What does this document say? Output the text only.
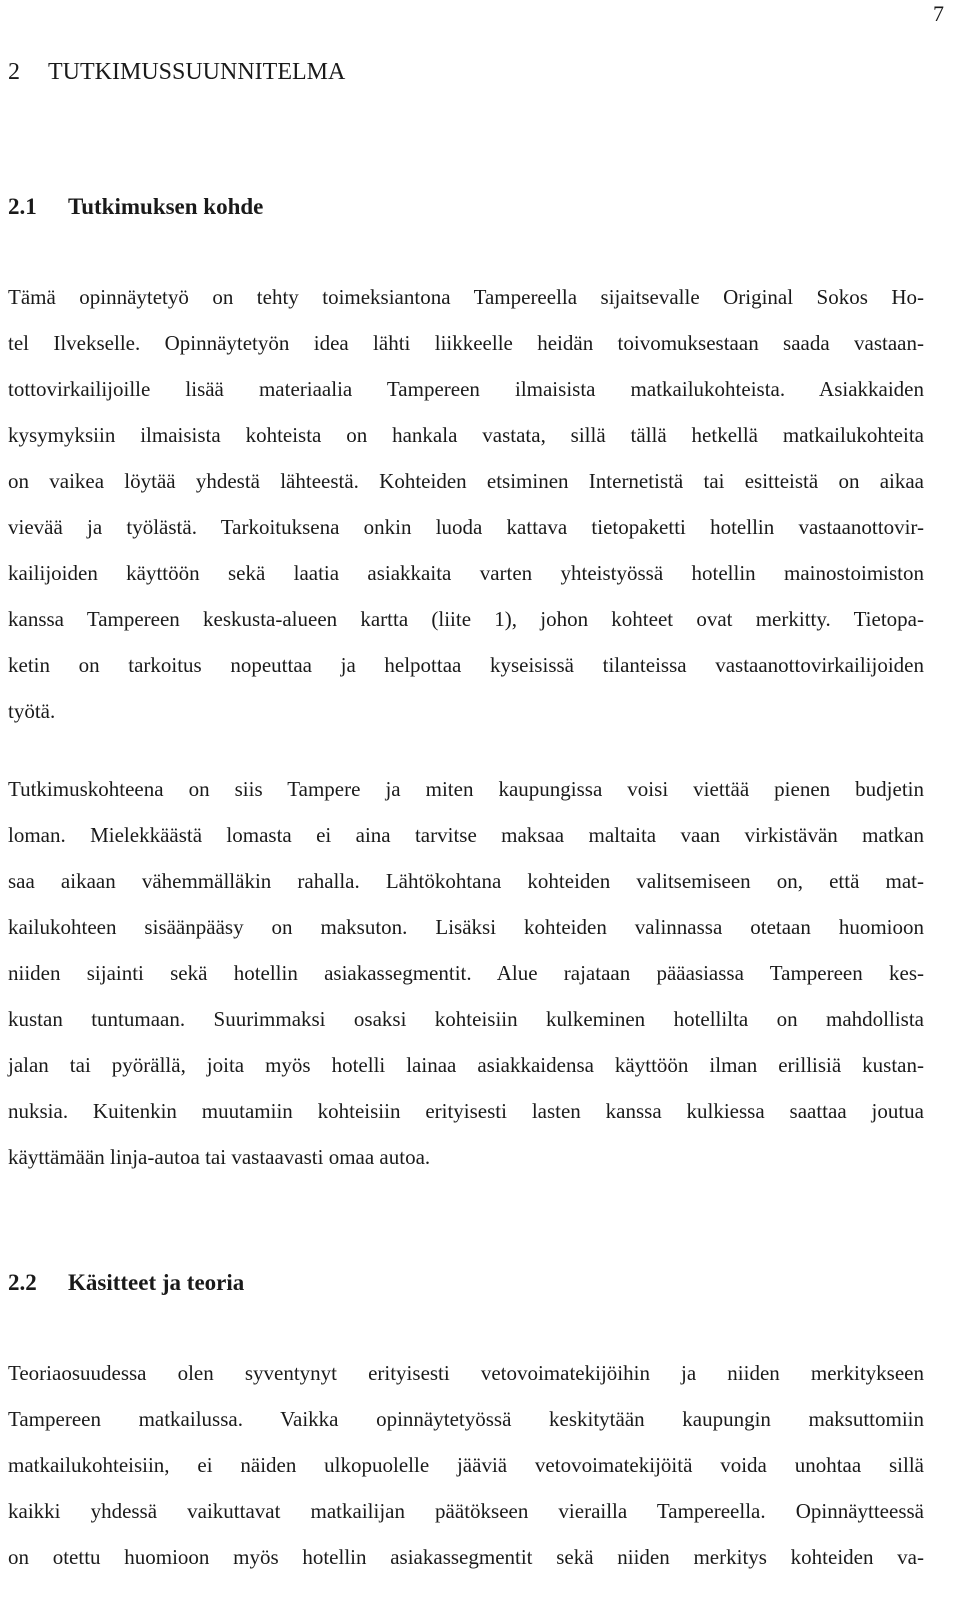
7
2 TUTKIMUSSUUNNITELMA
2.1 Tutkimuksen kohde
Tämä opinnäytetyö on tehty toimeksiantona Tampereella sijaitsevalle Original Sokos Ho-
tel Ilvekselle. Opinnäytetyön idea lähti liikkeelle heidän toivomuksestaan saada vastaan-
tottovirkailijoille lisää materiaalia Tampereen ilmaisista matkailukohteista. Asiakkaiden
kysymyksiin ilmaisista kohteista on hankala vastata, sillä tällä hetkellä matkailukohteita
on vaikea löytää yhdestä lähteestä. Kohteiden etsiminen Internetistä tai esitteistä on aikaa
vievää ja työlästä. Tarkoituksena onkin luoda kattava tietopaketti hotellin vastaanottovir-
kailijoiden käyttöön sekä laatia asiakkaita varten yhteistyössä hotellin mainostoimiston
kanssa Tampereen keskusta-alueen kartta (liite 1), johon kohteet ovat merkitty. Tietopa-
ketin on tarkoitus nopeuttaa ja helpottaa kyseisissä tilanteissa vastaanottovirkailijoiden
työtä.
Tutkimuskohteena on siis Tampere ja miten kaupungissa voisi viettää pienen budjetin
loman. Mielekkäästä lomasta ei aina tarvitse maksaa maltaita vaan virkistävän matkan
saa aikaan vähemmälläkin rahalla. Lähtökohtana kohteiden valitsemiseen on, että mat-
kailukohteen sisäänpääsy on maksuton. Lisäksi kohteiden valinnassa otetaan huomioon
niiden sijainti sekä hotellin asiakassegmentit. Alue rajataan pääasiassa Tampereen kes-
kustan tuntumaan. Suurimmaksi osaksi kohteisiin kulkeminen hotellilta on mahdollista
jalan tai pyörällä, joita myös hotelli lainaa asiakkaidensa käyttöön ilman erillisiä kustan-
nuksia. Kuitenkin muutamiin kohteisiin erityisesti lasten kanssa kulkiessa saattaa joutua
käyttämään linja-autoa tai vastaavasti omaa autoa.
2.2 Käsitteet ja teoria
Teoriaosuudessa olen syventynyt erityisesti vetovoimatekijöihin ja niiden merkitykseen
Tampereen matkailussa. Vaikka opinnäytetyössä keskitytään kaupungin maksuttomiin
matkailukohteisiin, ei näiden ulkopuolelle jääviä vetovoimatekijöitä voida unohtaa sillä
kaikki yhdessä vaikuttavat matkailijan päätökseen vierailla Tampereella. Opinnäytteessä
on otettu huomioon myös hotellin asiakassegmentit sekä niiden merkitys kohteiden va-
